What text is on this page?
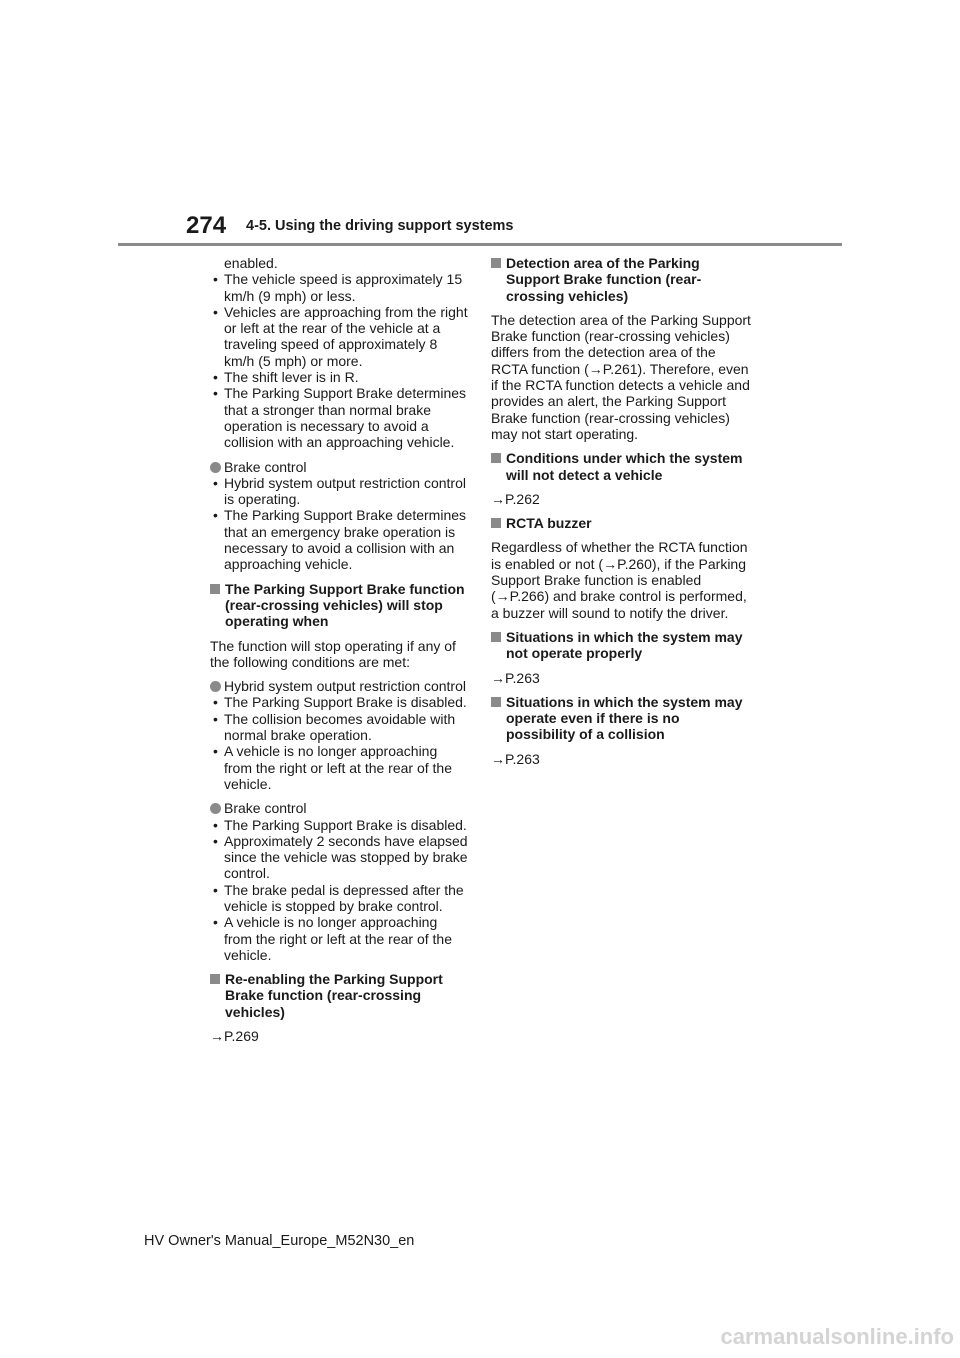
274 4-5. Using the driving support systems

enabled.

• The vehicle speed is approximately 15 km/h (9 mph) or less.

• Vehicles are approaching from the right or left at the rear of the vehicle at a traveling speed of approximately 8 km/h (5 mph) or more.

• The shift lever is in R.

• The Parking Support Brake determines that a stronger than normal brake operation is necessary to avoid a collision with an approaching vehicle.

Brake control

• Hybrid system output restriction control is operating.

• The Parking Support Brake determines that an emergency brake operation is necessary to avoid a collision with an approaching vehicle.

The Parking Support Brake function (rear-crossing vehicles) will stop operating when

The function will stop operating if any of the following conditions are met:

Hybrid system output restriction control

• The Parking Support Brake is disabled.

• The collision becomes avoidable with normal brake operation.

• A vehicle is no longer approaching from the right or left at the rear of the vehicle.

Brake control

• The Parking Support Brake is disabled.

• Approximately 2 seconds have elapsed since the vehicle was stopped by brake control.

• The brake pedal is depressed after the vehicle is stopped by brake control.

• A vehicle is no longer approaching from the right or left at the rear of the vehicle.

Re-enabling the Parking Support Brake function (rear-crossing vehicles)

→P.269

Detection area of the Parking Support Brake function (rear-crossing vehicles)

The detection area of the Parking Support Brake function (rear-crossing vehicles) differs from the detection area of the RCTA function (→P.261). Therefore, even if the RCTA function detects a vehicle and provides an alert, the Parking Support Brake function (rear-crossing vehicles) may not start operating.

Conditions under which the system will not detect a vehicle

→P.262

RCTA buzzer

Regardless of whether the RCTA function is enabled or not (→P.260), if the Parking Support Brake function is enabled (→P.266) and brake control is performed, a buzzer will sound to notify the driver.

Situations in which the system may not operate properly

→P.263

Situations in which the system may operate even if there is no possibility of a collision

→P.263

HV Owner's Manual_Europe_M52N30_en
carmanualsonline.info
